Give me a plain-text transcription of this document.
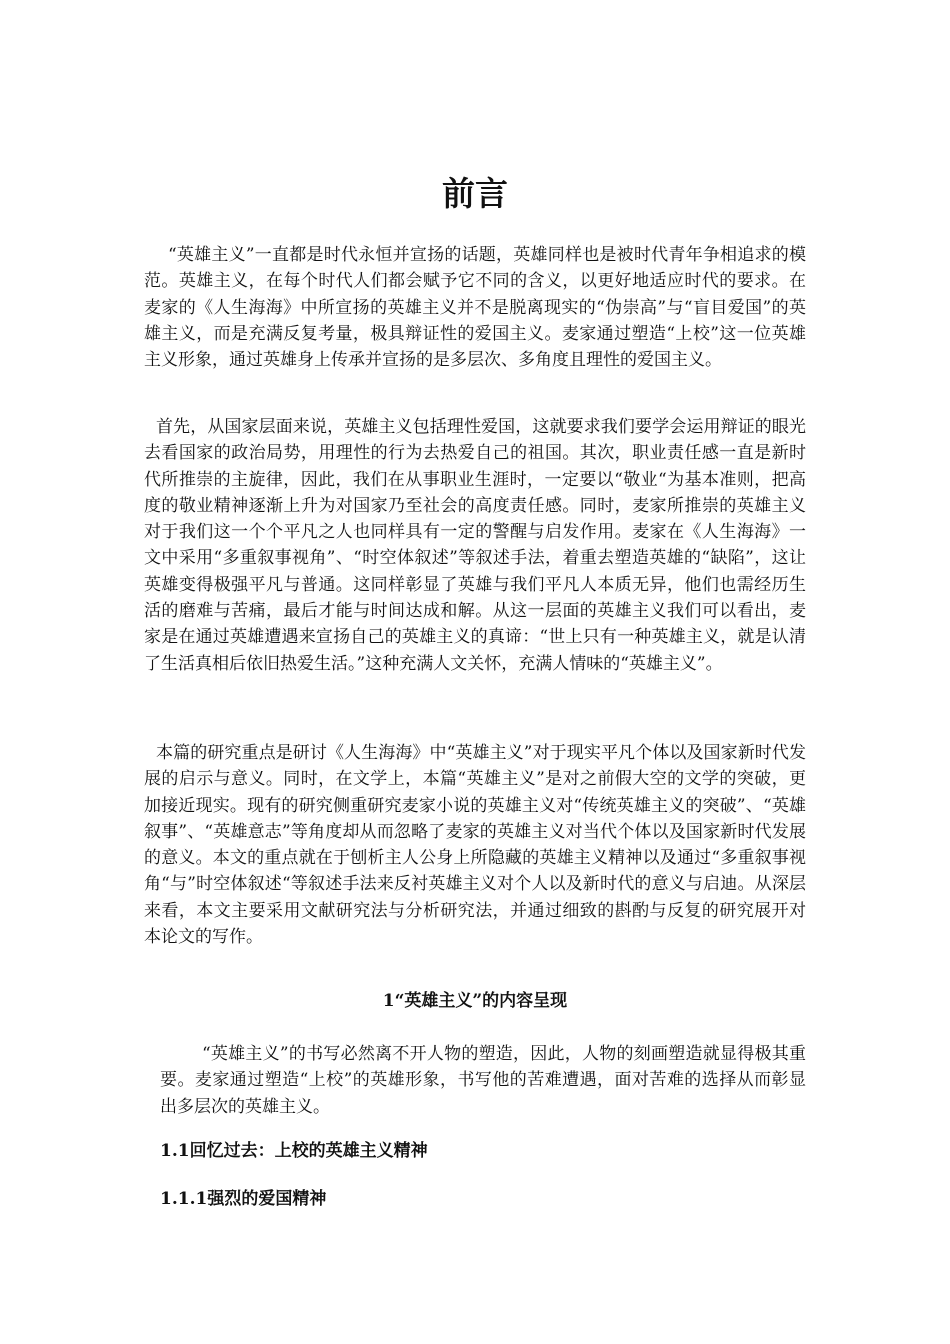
前言

“英雄主义”一直都是时代永恒并宣扬的话题，英雄同样也是被时代青年争相追求的模范。英雄主义，在每个时代人们都会赋予它不同的含义，以更好地适应时代的要求。在麦家的《人生海海》中所宣扬的英雄主义并不是脱离现实的“伪崇高”与“盲目爱国”的英雄主义，而是充满反复考量，极具辩证性的爱国主义。麦家通过塑造“上校”这一位英雄主义形象，通过英雄身上传承并宣扬的是多层次、多角度且理性的爱国主义。

首先，从国家层面来说，英雄主义包括理性爱国，这就要求我们要学会运用辩证的眼光去看国家的政治局势，用理性的行为去热爱自己的祖国。其次，职业责任感一直是新时代所推崇的主旋律，因此，我们在从事职业生涯时，一定要以“敬业“为基本准则，把高度的敬业精神逐渐上升为对国家乃至社会的高度责任感。同时，麦家所推崇的英雄主义对于我们这一个个平凡之人也同样具有一定的警醒与启发作用。麦家在《人生海海》一文中采用“多重叙事视角”、“时空体叙述”等叙述手法，着重去塑造英雄的“缺陷”，这让英雄变得极强平凡与普通。这同样彰显了英雄与我们平凡人本质无异，他们也需经历生活的磨难与苦痛，最后才能与时间达成和解。从这一层面的英雄主义我们可以看出，麦家是在通过英雄遭遇来宣扬自己的英雄主义的真谛：“世上只有一种英雄主义，就是认清了生活真相后依旧热爱生活。”这种充满人文关怀，充满人情味的“英雄主义”。

本篇的研究重点是研讨《人生海海》中“英雄主义”对于现实平凡个体以及国家新时代发展的启示与意义。同时，在文学上，本篇“英雄主义”是对之前假大空的文学的突破，更加接近现实。现有的研究侧重研究麦家小说的英雄主义对“传统英雄主义的突破”、“英雄叙事”、“英雄意志”等角度却从而忽略了麦家的英雄主义对当代个体以及国家新时代发展的意义。本文的重点就在于刨析主人公身上所隐藏的英雄主义精神以及通过“多重叙事视角“与”时空体叙述“等叙述手法来反衬英雄主义对个人以及新时代的意义与启迪。从深层来看，本文主要采用文献研究法与分析研究法，并通过细致的斟酌与反复的研究展开对本论文的写作。

1“英雄主义”的内容呈现

“英雄主义”的书写必然离不开人物的塑造，因此，人物的刻画塑造就显得极其重要。麦家通过塑造“上校”的英雄形象，书写他的苦难遭遇，面对苦难的选择从而彰显出多层次的英雄主义。

1.1回忆过去：上校的英雄主义精神
1.1.1强烈的爱国精神
